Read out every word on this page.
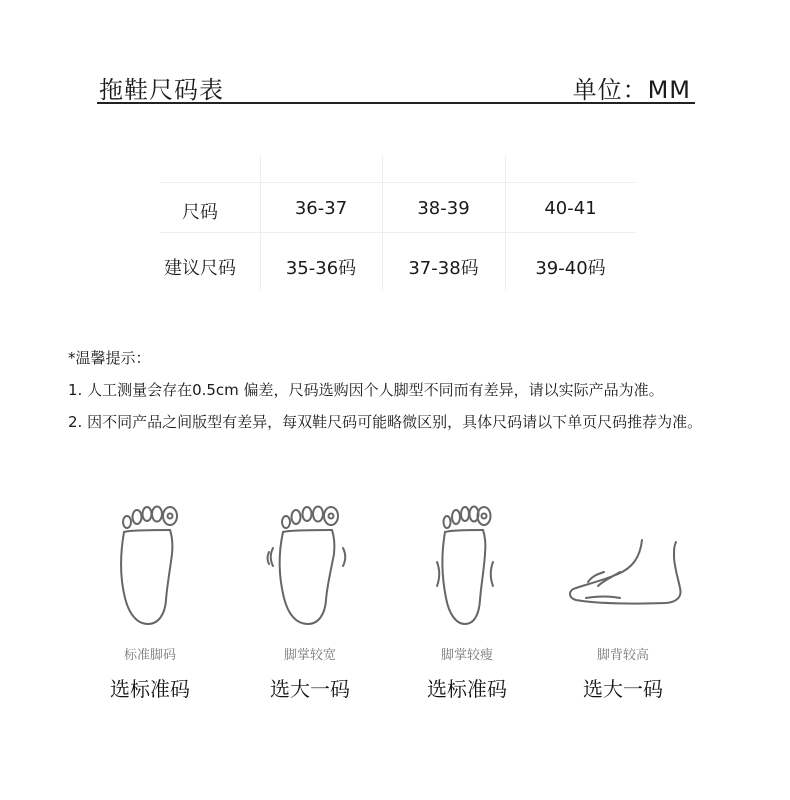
拖鞋尺码表	单位：MM
尺码	36-37	38-39	40-41
建议尺码	35-36码	37-38码	39-40码
*温馨提示：
1. 人工测量会存在0.5cm 偏差，尺码选购因个人脚型不同而有差异，请以实际产品为准。
2. 因不同产品之间版型有差异，每双鞋尺码可能略微区别，具体尺码请以下单页尺码推荐为准。
标准脚码
选标准码
脚掌较宽
选大一码
脚掌较瘦
选标准码
脚背较高
选大一码
